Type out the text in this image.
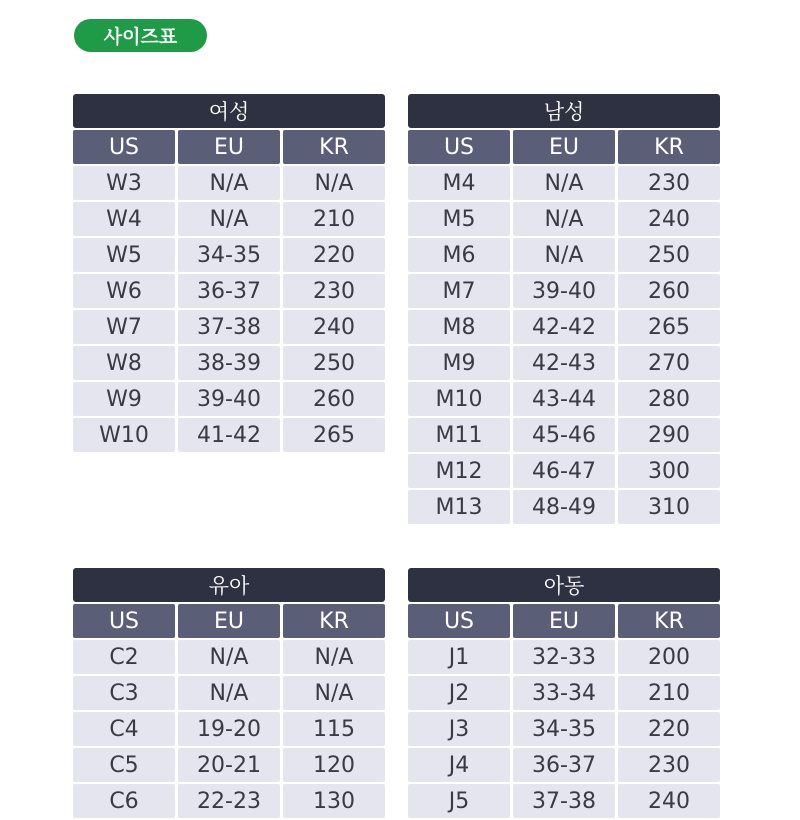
사이즈표
여성
US	EU	KR
W3	N/A	N/A
W4	N/A	210
W5	34-35	220
W6	36-37	230
W7	37-38	240
W8	38-39	250
W9	39-40	260
W10	41-42	265
남성
US	EU	KR
M4	N/A	230
M5	N/A	240
M6	N/A	250
M7	39-40	260
M8	42-42	265
M9	42-43	270
M10	43-44	280
M11	45-46	290
M12	46-47	300
M13	48-49	310
유아
US	EU	KR
C2	N/A	N/A
C3	N/A	N/A
C4	19-20	115
C5	20-21	120
C6	22-23	130
아동
US	EU	KR
J1	32-33	200
J2	33-34	210
J3	34-35	220
J4	36-37	230
J5	37-38	240
